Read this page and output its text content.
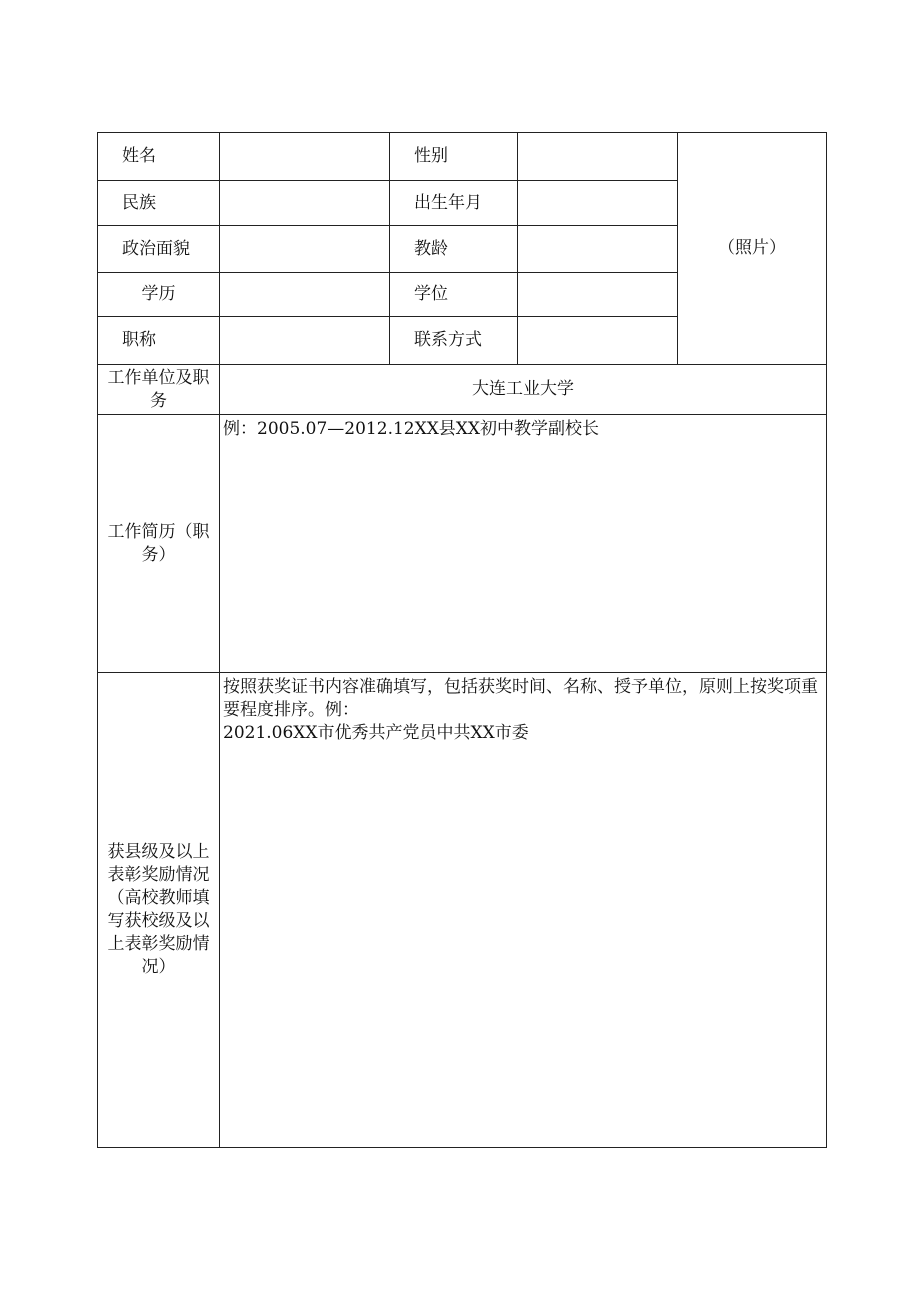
姓名		性别		（照片）
民族		出生年月		
政治面貌		教龄		
学历		学位		
职称		联系方式		
工作单位及职务	大连工业大学			
工作简历（职务）	例：2005.07—2012.12XX县XX初中教学副校长			

获县级及以上表彰奖励情况（高校教师填写获校级及以上表彰奖励情况）	按照获奖证书内容准确填写，包括获奖时间、名称、授予单位，原则上按奖项重要程度排序。例：
2021.06XX市优秀共产党员中共XX市委			
